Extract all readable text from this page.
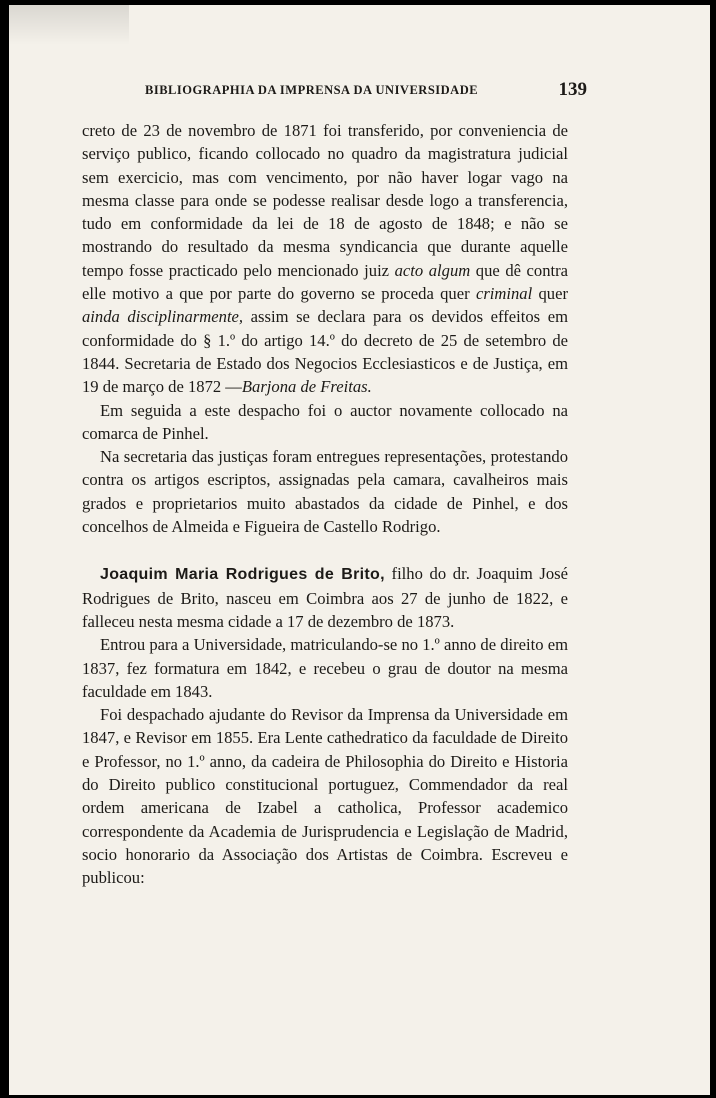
BIBLIOGRAPHIA DA IMPRENSA DA UNIVERSIDADE	139

creto de 23 de novembro de 1871 foi transferido, por conveniencia de serviço publico, ficando collocado no quadro da magistratura judicial sem exercicio, mas com vencimento, por não haver logar vago na mesma classe para onde se podesse realisar desde logo a transferencia, tudo em conformidade da lei de 18 de agosto de 1848; e não se mostrando do resultado da mesma syndicancia que durante aquelle tempo fosse practicado pelo mencionado juiz acto algum que dê contra elle motivo a que por parte do governo se proceda quer criminal quer ainda disciplinarmente, assim se declara para os devidos effeitos em conformidade do § 1.º do artigo 14.º do decreto de 25 de setembro de 1844. Secretaria de Estado dos Negocios Ecclesiasticos e de Justiça, em 19 de março de 1872 —Barjona de Freitas.

Em seguida a este despacho foi o auctor novamente collocado na comarca de Pinhel.

Na secretaria das justiças foram entregues representações, protestando contra os artigos escriptos, assignadas pela camara, cavalheiros mais grados e proprietarios muito abastados da cidade de Pinhel, e dos concelhos de Almeida e Figueira de Castello Rodrigo.

Joaquim Maria Rodrigues de Brito, filho do dr. Joaquim José Rodrigues de Brito, nasceu em Coimbra aos 27 de junho de 1822, e falleceu nesta mesma cidade a 17 de dezembro de 1873.

Entrou para a Universidade, matriculando-se no 1.º anno de direito em 1837, fez formatura em 1842, e recebeu o grau de doutor na mesma faculdade em 1843.

Foi despachado ajudante do Revisor da Imprensa da Universidade em 1847, e Revisor em 1855. Era Lente cathedratico da faculdade de Direito e Professor, no 1.º anno, da cadeira de Philosophia do Direito e Historia do Direito publico constitucional portuguez, Commendador da real ordem americana de Izabel a catholica, Professor academico correspondente da Academia de Jurisprudencia e Legislação de Madrid, socio honorario da Associação dos Artistas de Coimbra. Escreveu e publicou:
